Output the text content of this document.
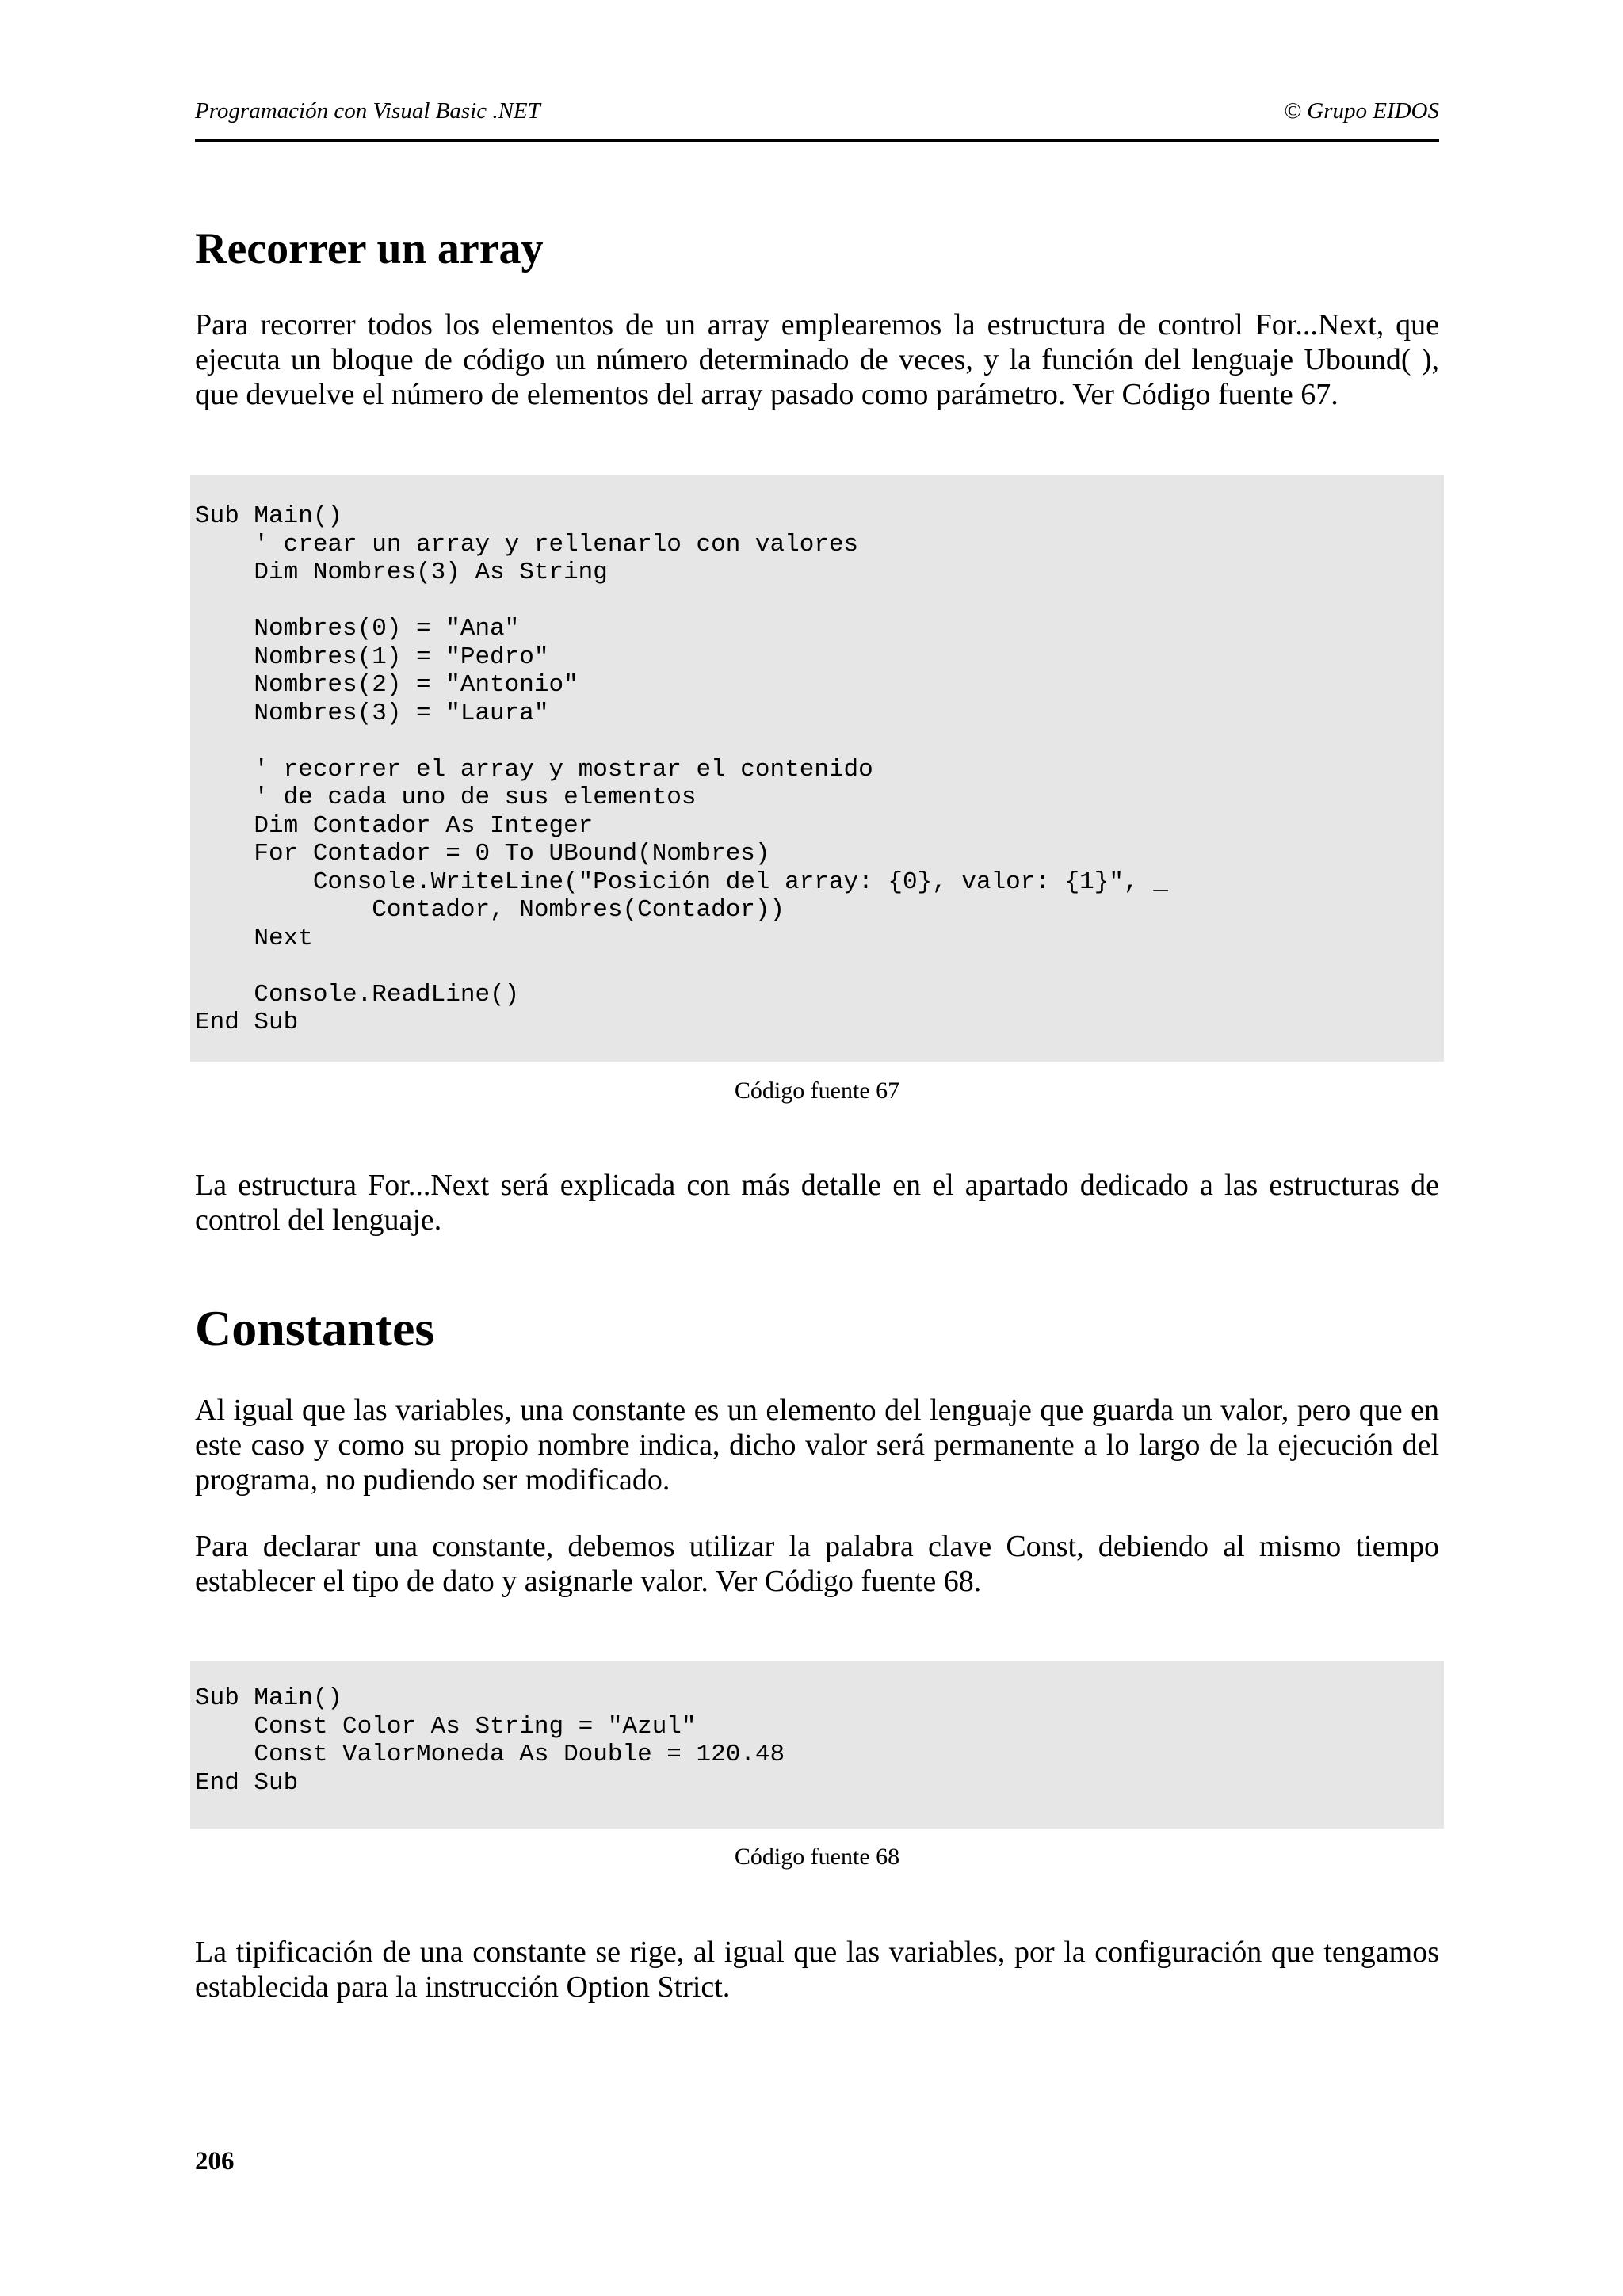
Programación con Visual Basic .NET	© Grupo EIDOS
Recorrer un array

Para recorrer todos los elementos de un array emplearemos la estructura de control For...Next, que ejecuta un bloque de código un número determinado de veces, y la función del lenguaje Ubound( ), que devuelve el número de elementos del array pasado como parámetro. Ver Código fuente 67.

Sub Main()
' crear un array y rellenarlo con valores
Dim Nombres(3) As String

Nombres(0) = "Ana"
Nombres(1) = "Pedro"
Nombres(2) = "Antonio"
Nombres(3) = "Laura"

' recorrer el array y mostrar el contenido
' de cada uno de sus elementos
Dim Contador As Integer
For Contador = 0 To UBound(Nombres)
Console.WriteLine("Posición del array: {0}, valor: {1}", _
Contador, Nombres(Contador))
Next

Console.ReadLine()
End Sub
Código fuente 67

La estructura For...Next será explicada con más detalle en el apartado dedicado a las estructuras de control del lenguaje.

Constantes

Al igual que las variables, una constante es un elemento del lenguaje que guarda un valor, pero que en este caso y como su propio nombre indica, dicho valor será permanente a lo largo de la ejecución del programa, no pudiendo ser modificado.

Para declarar una constante, debemos utilizar la palabra clave Const, debiendo al mismo tiempo establecer el tipo de dato y asignarle valor. Ver Código fuente 68.

Sub Main()
Const Color As String = "Azul"
Const ValorMoneda As Double = 120.48
End Sub
Código fuente 68

La tipificación de una constante se rige, al igual que las variables, por la configuración que tengamos establecida para la instrucción Option Strict.

206
